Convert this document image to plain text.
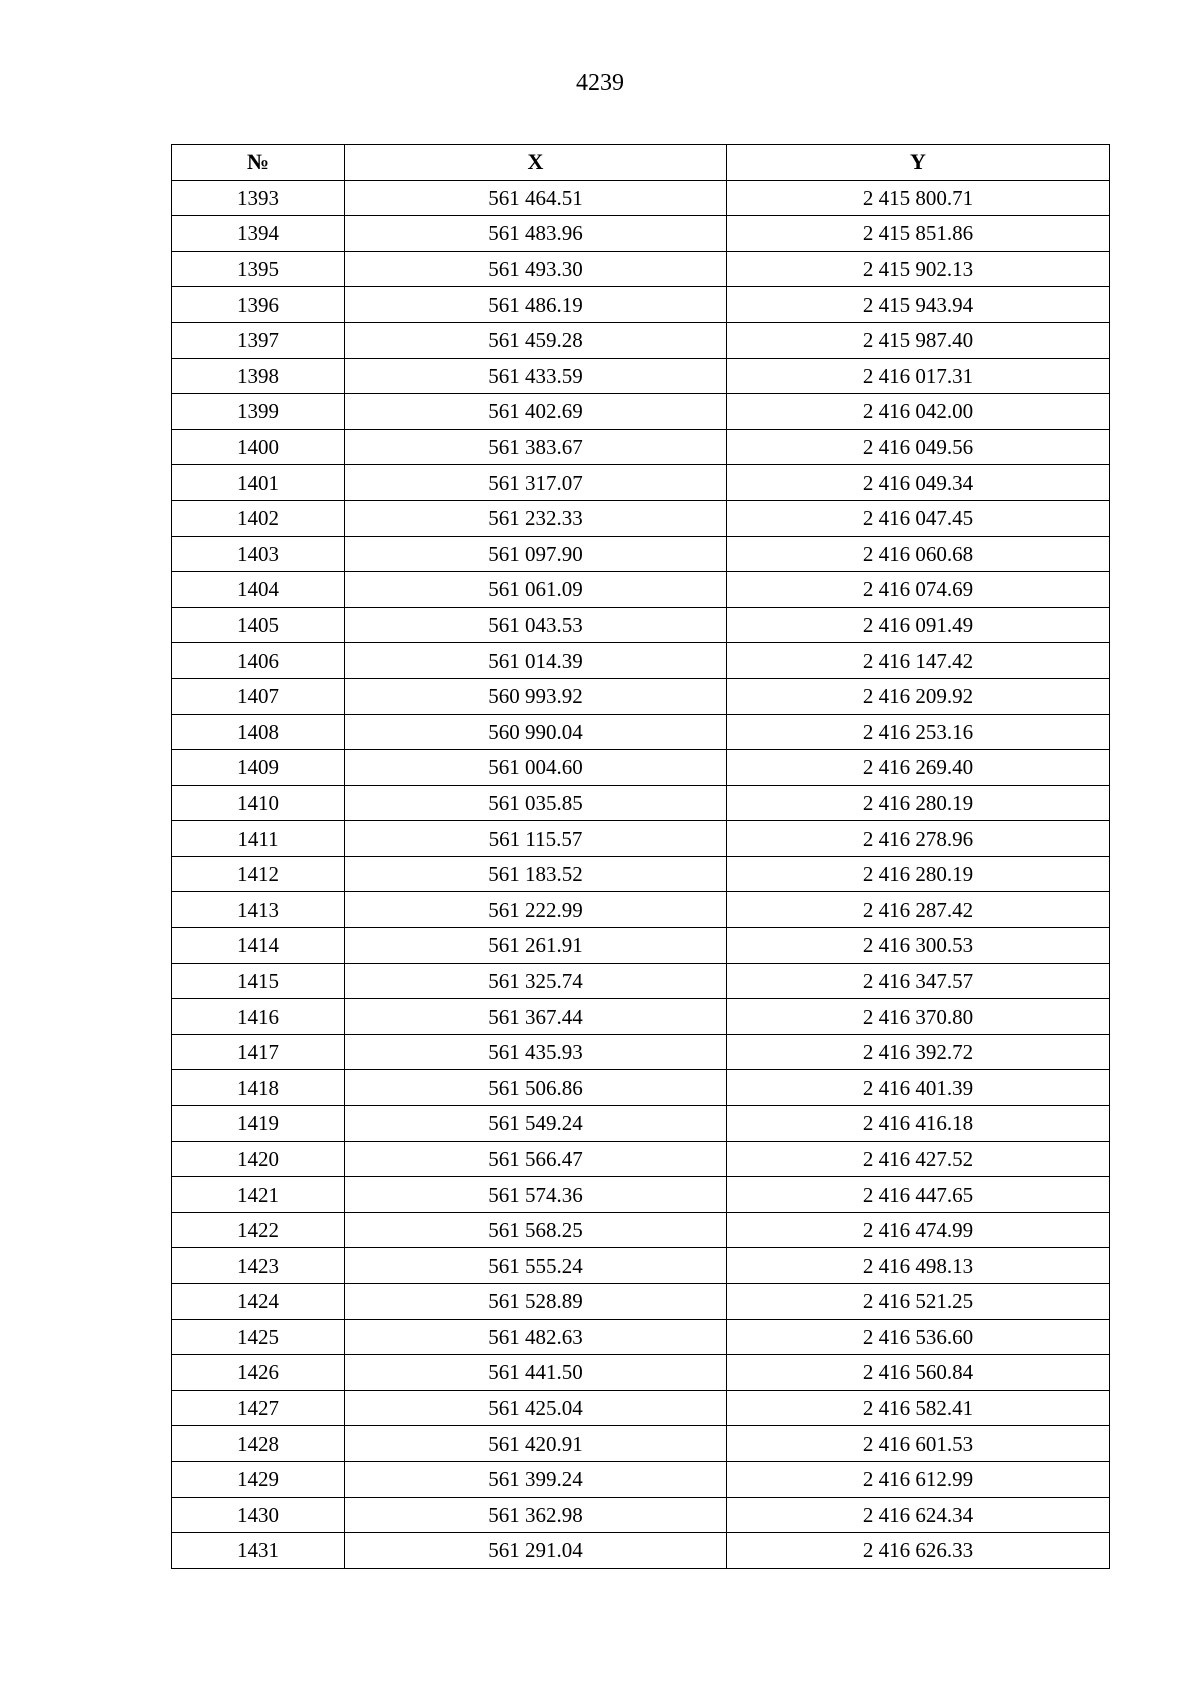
4239
№	X	Y
1393	561 464.51	2 415 800.71
1394	561 483.96	2 415 851.86
1395	561 493.30	2 415 902.13
1396	561 486.19	2 415 943.94
1397	561 459.28	2 415 987.40
1398	561 433.59	2 416 017.31
1399	561 402.69	2 416 042.00
1400	561 383.67	2 416 049.56
1401	561 317.07	2 416 049.34
1402	561 232.33	2 416 047.45
1403	561 097.90	2 416 060.68
1404	561 061.09	2 416 074.69
1405	561 043.53	2 416 091.49
1406	561 014.39	2 416 147.42
1407	560 993.92	2 416 209.92
1408	560 990.04	2 416 253.16
1409	561 004.60	2 416 269.40
1410	561 035.85	2 416 280.19
1411	561 115.57	2 416 278.96
1412	561 183.52	2 416 280.19
1413	561 222.99	2 416 287.42
1414	561 261.91	2 416 300.53
1415	561 325.74	2 416 347.57
1416	561 367.44	2 416 370.80
1417	561 435.93	2 416 392.72
1418	561 506.86	2 416 401.39
1419	561 549.24	2 416 416.18
1420	561 566.47	2 416 427.52
1421	561 574.36	2 416 447.65
1422	561 568.25	2 416 474.99
1423	561 555.24	2 416 498.13
1424	561 528.89	2 416 521.25
1425	561 482.63	2 416 536.60
1426	561 441.50	2 416 560.84
1427	561 425.04	2 416 582.41
1428	561 420.91	2 416 601.53
1429	561 399.24	2 416 612.99
1430	561 362.98	2 416 624.34
1431	561 291.04	2 416 626.33
